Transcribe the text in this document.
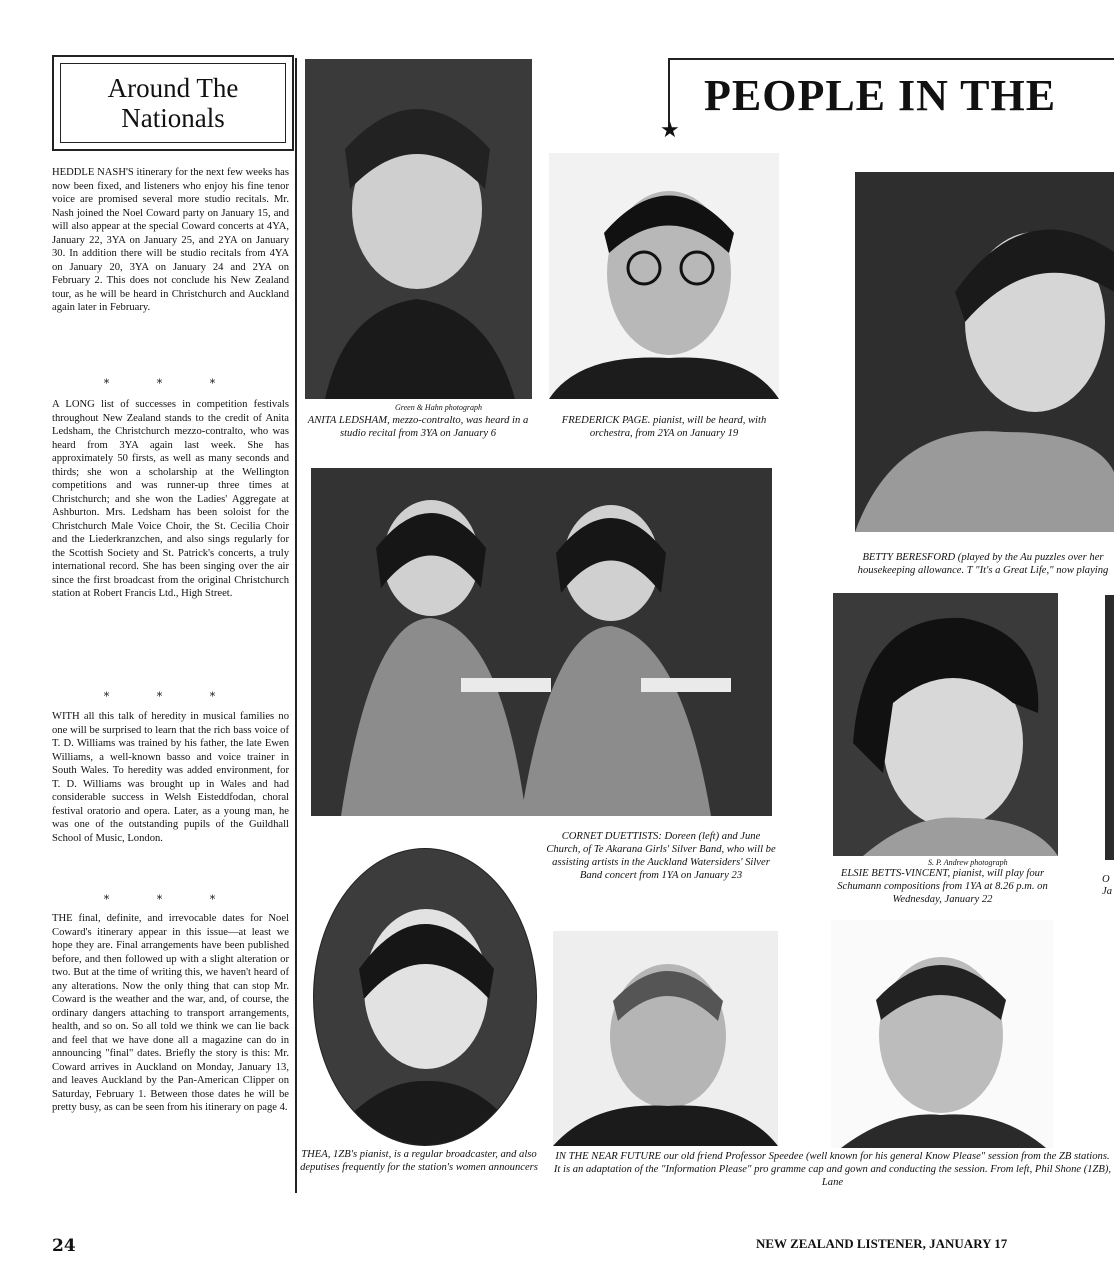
Around The Nationals
HEDDLE NASH'S itinerary for the next few weeks has now been fixed, and listeners who enjoy his fine tenor voice are promised several more studio recitals. Mr. Nash joined the Noel Coward party on January 15, and will also appear at the special Coward concerts at 4YA, January 22, 3YA on January 25, and 2YA on January 30. In addition there will be studio recitals from 4YA on January 20, 3YA on January 24 and 2YA on February 2. This does not conclude his New Zealand tour, as he will be heard in Christchurch and Auckland again later in February.
* * *
A LONG list of successes in competition festivals throughout New Zealand stands to the credit of Anita Ledsham, the Christchurch mezzo-contralto, who was heard from 3YA again last week. She has approximately 50 firsts, as well as many seconds and thirds; she won a scholarship at the Wellington competitions and was runner-up three times at Christchurch; and she won the Ladies' Aggregate at Ashburton. Mrs. Ledsham has been soloist for the Christchurch Male Voice Choir, the St. Cecilia Choir and the Liederkranzchen, and also sings regularly for the Scottish Society and St. Patrick's concerts, a truly international record. She has been singing over the air since the first broadcast from the original Christchurch station at Robert Francis Ltd., High Street.
* * *
WITH all this talk of heredity in musical families no one will be surprised to learn that the rich bass voice of T. D. Williams was trained by his father, the late Ewen Williams, a well-known basso and voice trainer in South Wales. To heredity was added environment, for T. D. Williams was brought up in Wales and had considerable success in Welsh Eisteddfodan, choral festival oratorio and opera. Later, as a young man, he was one of the outstanding pupils of the Guildhall School of Music, London.
* * *
THE final, definite, and irrevocable dates for Noel Coward's itinerary appear in this issue—at least we hope they are. Final arrangements have been published before, and then followed up with a slight alteration or two. But at the time of writing this, we haven't heard of any alterations. Now the only thing that can stop Mr. Coward is the weather and the war, and, of course, the ordinary dangers attaching to transport arrangements, health, and so on. So all told we think we can lie back and feel that we have done all a magazine can do in announcing "final" dates. Briefly the story is this: Mr. Coward arrives in Auckland on Monday, January 13, and leaves Auckland by the Pan-American Clipper on Saturday, February 1. Between those dates he will be pretty busy, as can be seen from his itinerary on page 4.
PEOPLE IN THE
★
Green & Hahn photograph
ANITA LEDSHAM, mezzo-contralto, was heard in a studio recital from 3YA on January 6
FREDERICK PAGE. pianist, will be heard, with orchestra, from 2YA on January 19
BETTY BERESFORD (played by the Au puzzles over her housekeeping allowance. T "It's a Great Life," now playing
CORNET DUETTISTS: Doreen (left) and June Church, of Te Akarana Girls' Silver Band, who will be assisting artists in the Auckland Watersiders' Silver Band concert from 1YA on January 23
S. P. Andrew photograph
ELSIE BETTS-VINCENT, pianist, will play four Schumann compositions from 1YA at 8.26 p.m. on Wednesday, January 22
THEA, 1ZB's pianist, is a regular broadcaster, and also deputises frequently for the station's women announcers
IN THE NEAR FUTURE our old friend Professor Speedee (well known for his general Know Please" session from the ZB stations. It is an adaptation of the "Information Please" pro gramme cap and gown and conducting the session. From left, Phil Shone (1ZB), Lane
O
Ja
24	NEW ZEALAND LISTENER, JANUARY 17
